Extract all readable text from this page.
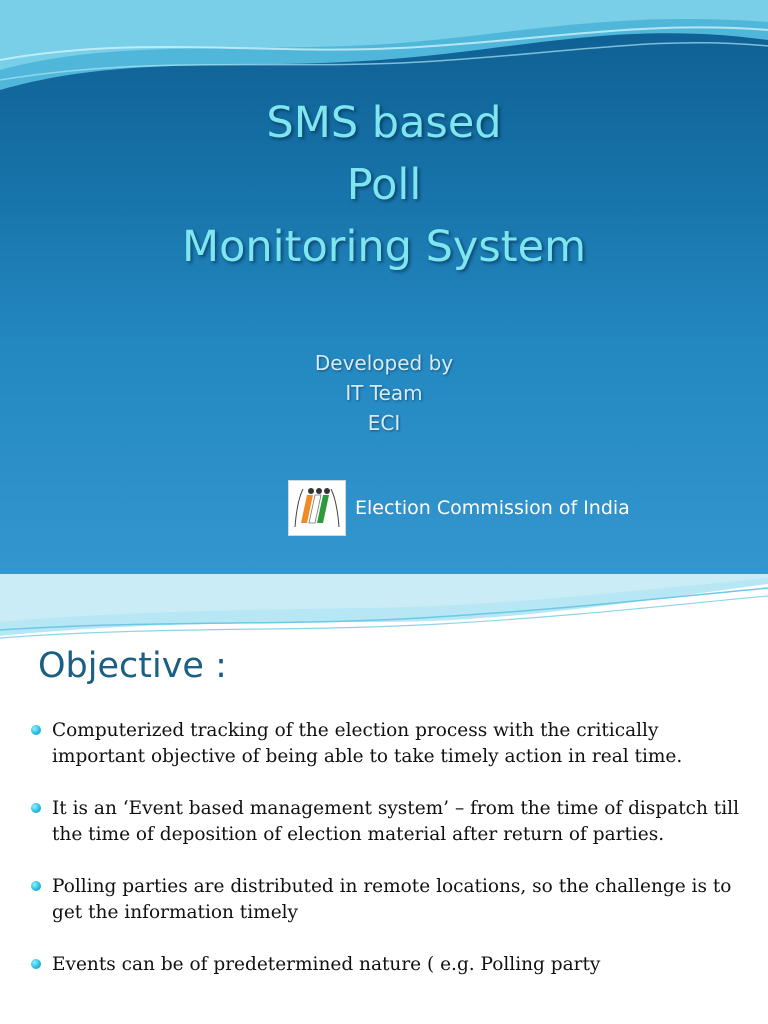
SMS based
Poll
Monitoring System
Developed by
IT Team
ECI
Election Commission of India
Objective :
Computerized tracking of the election process with the critically important objective of being able to take timely action in real time.
It is an ‘Event based management system’ – from the time of dispatch till the time of deposition of election material after return of parties.
Polling parties are distributed in remote locations, so the challenge is to get the information timely
Events can be of predetermined nature ( e.g. Polling party
